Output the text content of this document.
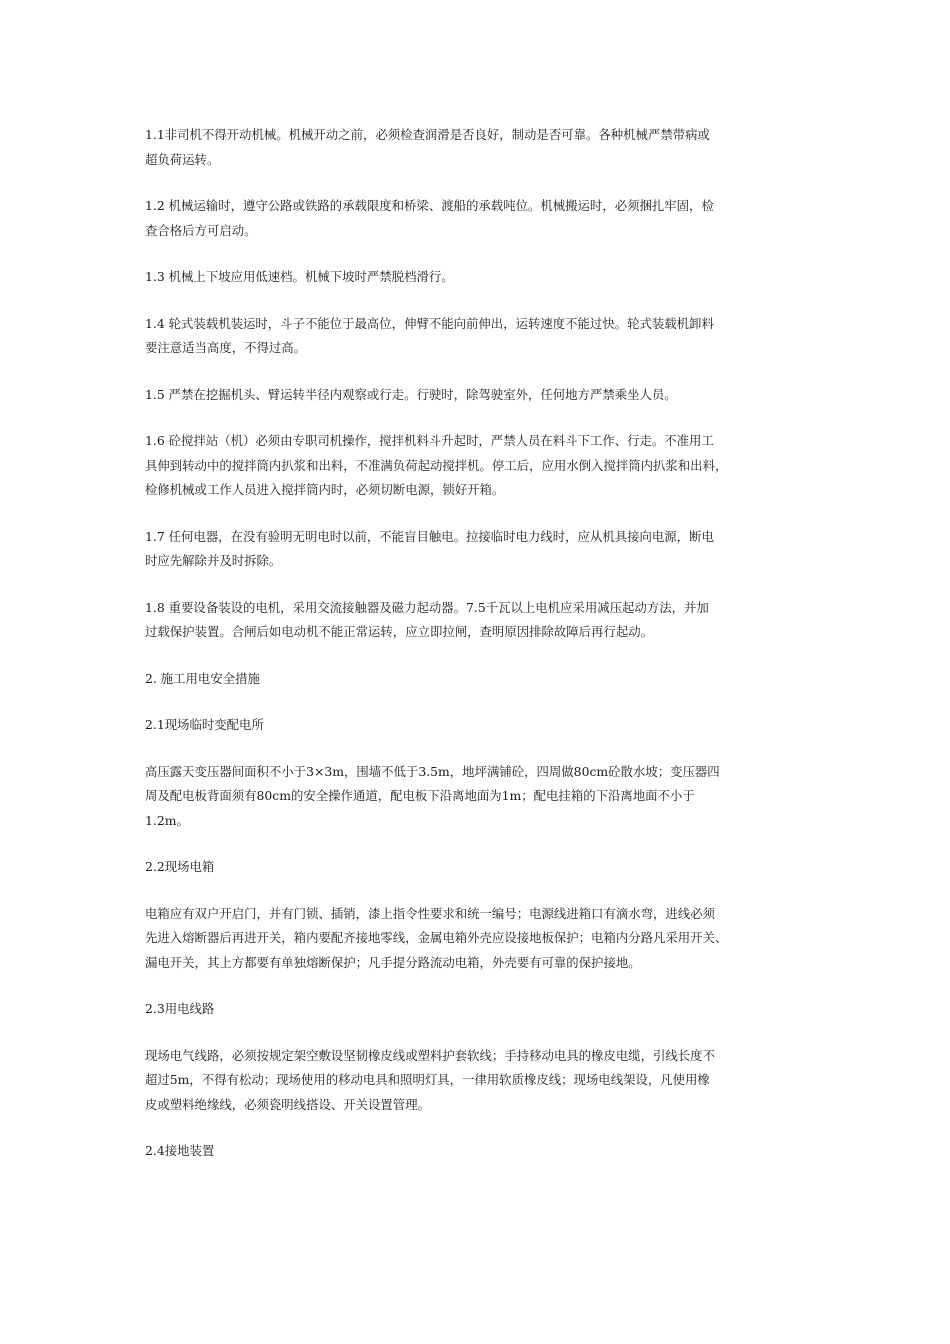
1.1非司机不得开动机械。机械开动之前，必须检查润滑是否良好，制动是否可靠。各种机械严禁带病或
超负荷运转。
1.2 机械运输时，遵守公路或铁路的承载限度和桥梁、渡船的承载吨位。机械搬运时，必须捆扎牢固，检
查合格后方可启动。
1.3 机械上下坡应用低速档。机械下坡时严禁脱档滑行。
1.4 轮式装载机装运时，斗子不能位于最高位，伸臂不能向前伸出，运转速度不能过快。轮式装载机卸料
要注意适当高度，不得过高。
1.5 严禁在挖掘机头、臂运转半径内观察或行走。行驶时，除驾驶室外，任何地方严禁乘坐人员。
1.6 砼搅拌站（机）必须由专职司机操作，搅拌机料斗升起时，严禁人员在料斗下工作、行走。不准用工
具伸到转动中的搅拌筒内扒浆和出料，不准满负荷起动搅拌机。停工后，应用水倒入搅拌筒内扒浆和出料，
检修机械或工作人员进入搅拌筒内时，必须切断电源，锁好开箱。
1.7 任何电器，在没有验明无明电时以前，不能盲目触电。拉接临时电力线时，应从机具接向电源，断电
时应先解除并及时拆除。
1.8 重要设备装设的电机，采用交流接触器及磁力起动器。7.5千瓦以上电机应采用减压起动方法，并加
过载保护装置。合闸后如电动机不能正常运转，应立即拉闸，查明原因排除故障后再行起动。
2. 施工用电安全措施
2.1现场临时变配电所
高压露天变压器间面积不小于3×3m，围墙不低于3.5m，地坪满铺砼，四周做80cm砼散水坡；变压器四
周及配电板背面须有80cm的安全操作通道，配电板下沿离地面为1m；配电挂箱的下沿离地面不小于
1.2m。
2.2现场电箱
电箱应有双户开启门，并有门锁、插销，漆上指令性要求和统一编号；电源线进箱口有滴水弯，进线必须
先进入熔断器后再进开关，箱内要配齐接地零线，金属电箱外壳应设接地板保护；电箱内分路凡采用开关、
漏电开关，其上方都要有单独熔断保护；凡手提分路流动电箱，外壳要有可靠的保护接地。
2.3用电线路
现场电气线路，必须按规定架空敷设坚韧橡皮线或塑料护套软线；手持移动电具的橡皮电缆，引线长度不
超过5m，不得有松动；现场使用的移动电具和照明灯具，一律用软质橡皮线；现场电线架设，凡使用橡
皮或塑料绝缘线，必须瓷明线搭设、开关设置管理。
2.4接地装置
